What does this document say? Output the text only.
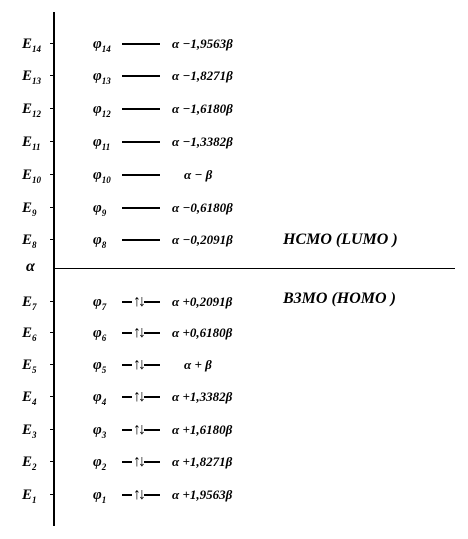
α
$E_{14}$	$\varphi_{14}$	α −1,9563β
$E_{13}$	$\varphi_{13}$	α −1,8271β
$E_{12}$	$\varphi_{12}$	α −1,6180β
$E_{11}$	$\varphi_{11}$	α −1,3382β
$E_{10}$	$\varphi_{10}$	α − β
$E_9$	$\varphi_9$	α −0,6180β
$E_8$	$\varphi_8$	α −0,2091β
$E_7$	$\varphi_7$ ↑↓ α +0,2091β
$E_6$	$\varphi_6$ ↑↓ α +0,6180β
$E_5$	$\varphi_5$ ↑↓	α + β
$E_4$	$\varphi_4$ ↑↓ α +1,3382β
$E_3$	$\varphi_3$ ↑↓ α +1,6180β
$E_2$	$\varphi_2$ ↑↓ α +1,8271β
$E_1$	$\varphi_1$ ↑↓ α +1,9563β
HCMO (LUMO )
B3MO (HOMO )
